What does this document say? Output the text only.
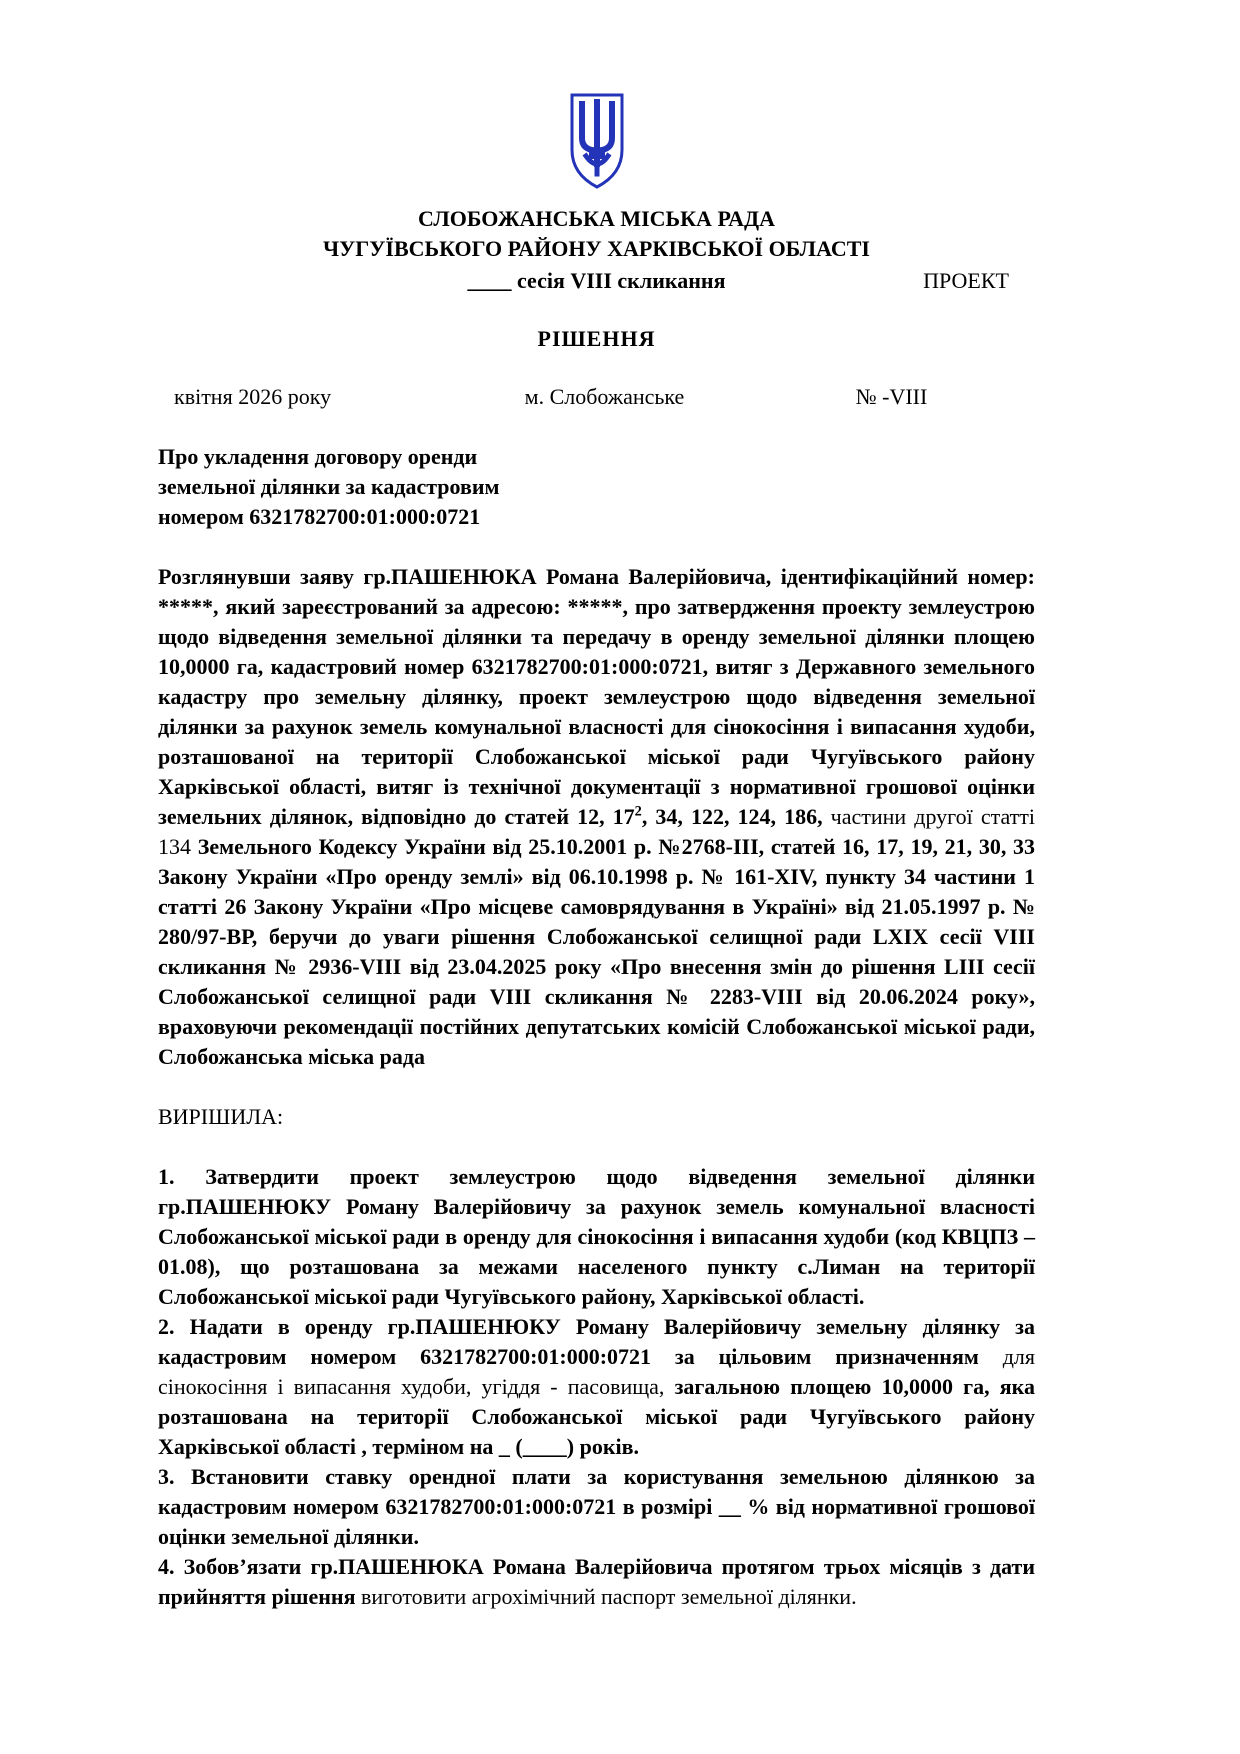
СЛОБОЖАНСЬКА МІСЬКА РАДА
ЧУГУЇВСЬКОГО РАЙОНУ ХАРКІВСЬКОЇ ОБЛАСТІ
____ сесія VIII скликання	ПРОЕКТ
РІШЕННЯ
квітня 2026 року	м. Слобожанське	№ -VIII
Про укладення договору оренди
земельної ділянки за кадастровим
номером 6321782700:01:000:0721

Розглянувши заяву гр.ПАШЕНЮКА Романа Валерійовича, ідентифікаційний номер: *****, який зареєстрований за адресою: *****, про затвердження проекту землеустрою щодо відведення земельної ділянки та передачу в оренду земельної ділянки площею 10,0000 га, кадастровий номер 6321782700:01:000:0721, витяг з Державного земельного кадастру про земельну ділянку, проект землеустрою щодо відведення земельної ділянки за рахунок земель комунальної власності для сінокосіння і випасання худоби, розташованої на території Слобожанської міської ради Чугуївського району Харківської області, витяг із технічної документації з нормативної грошової оцінки земельних ділянок, відповідно до статей 12, $17^2$, 34, 122, 124, 186, частини другої статті 134 Земельного Кодексу України від 25.10.2001 р. №2768-ІІІ, статей 16, 17, 19, 21, 30, 33 Закону України «Про оренду землі» від 06.10.1998 р. № 161-XIV, пункту 34 частини 1 статті 26 Закону України «Про місцеве самоврядування в Україні» від 21.05.1997 р. № 280/97-ВР, беручи до уваги рішення Слобожанської селищної ради LXIX сесії VIII скликання № 2936-VIII від 23.04.2025 року «Про внесення змін до рішення LIII сесії Слобожанської селищної ради VIII скликання № 2283-VIII від 20.06.2024 року», враховуючи рекомендації постійних депутатських комісій Слобожанської міської ради, Слобожанська міська рада

ВИРІШИЛА:

1. Затвердити проект землеустрою щодо відведення земельної ділянки гр.ПАШЕНЮКУ Роману Валерійовичу за рахунок земель комунальної власності Слобожанської міської ради в оренду для сінокосіння і випасання худоби (код КВЦПЗ – 01.08), що розташована за межами населеного пункту с.Лиман на території Слобожанської міської ради Чугуївського району, Харківської області.

2. Надати в оренду гр.ПАШЕНЮКУ Роману Валерійовичу земельну ділянку за кадастровим номером 6321782700:01:000:0721 за цільовим призначенням для сінокосіння і випасання худоби, угіддя - пасовища, загальною площею 10,0000 га, яка розташована на території Слобожанської міської ради Чугуївського району Харківської області , терміном на _ (____) років.

3. Встановити ставку орендної плати за користування земельною ділянкою за кадастровим номером 6321782700:01:000:0721 в розмірі __ % від нормативної грошової оцінки земельної ділянки.

4. Зобов’язати гр.ПАШЕНЮКА Романа Валерійовича протягом трьох місяців з дати прийняття рішення виготовити агрохімічний паспорт земельної ділянки.
